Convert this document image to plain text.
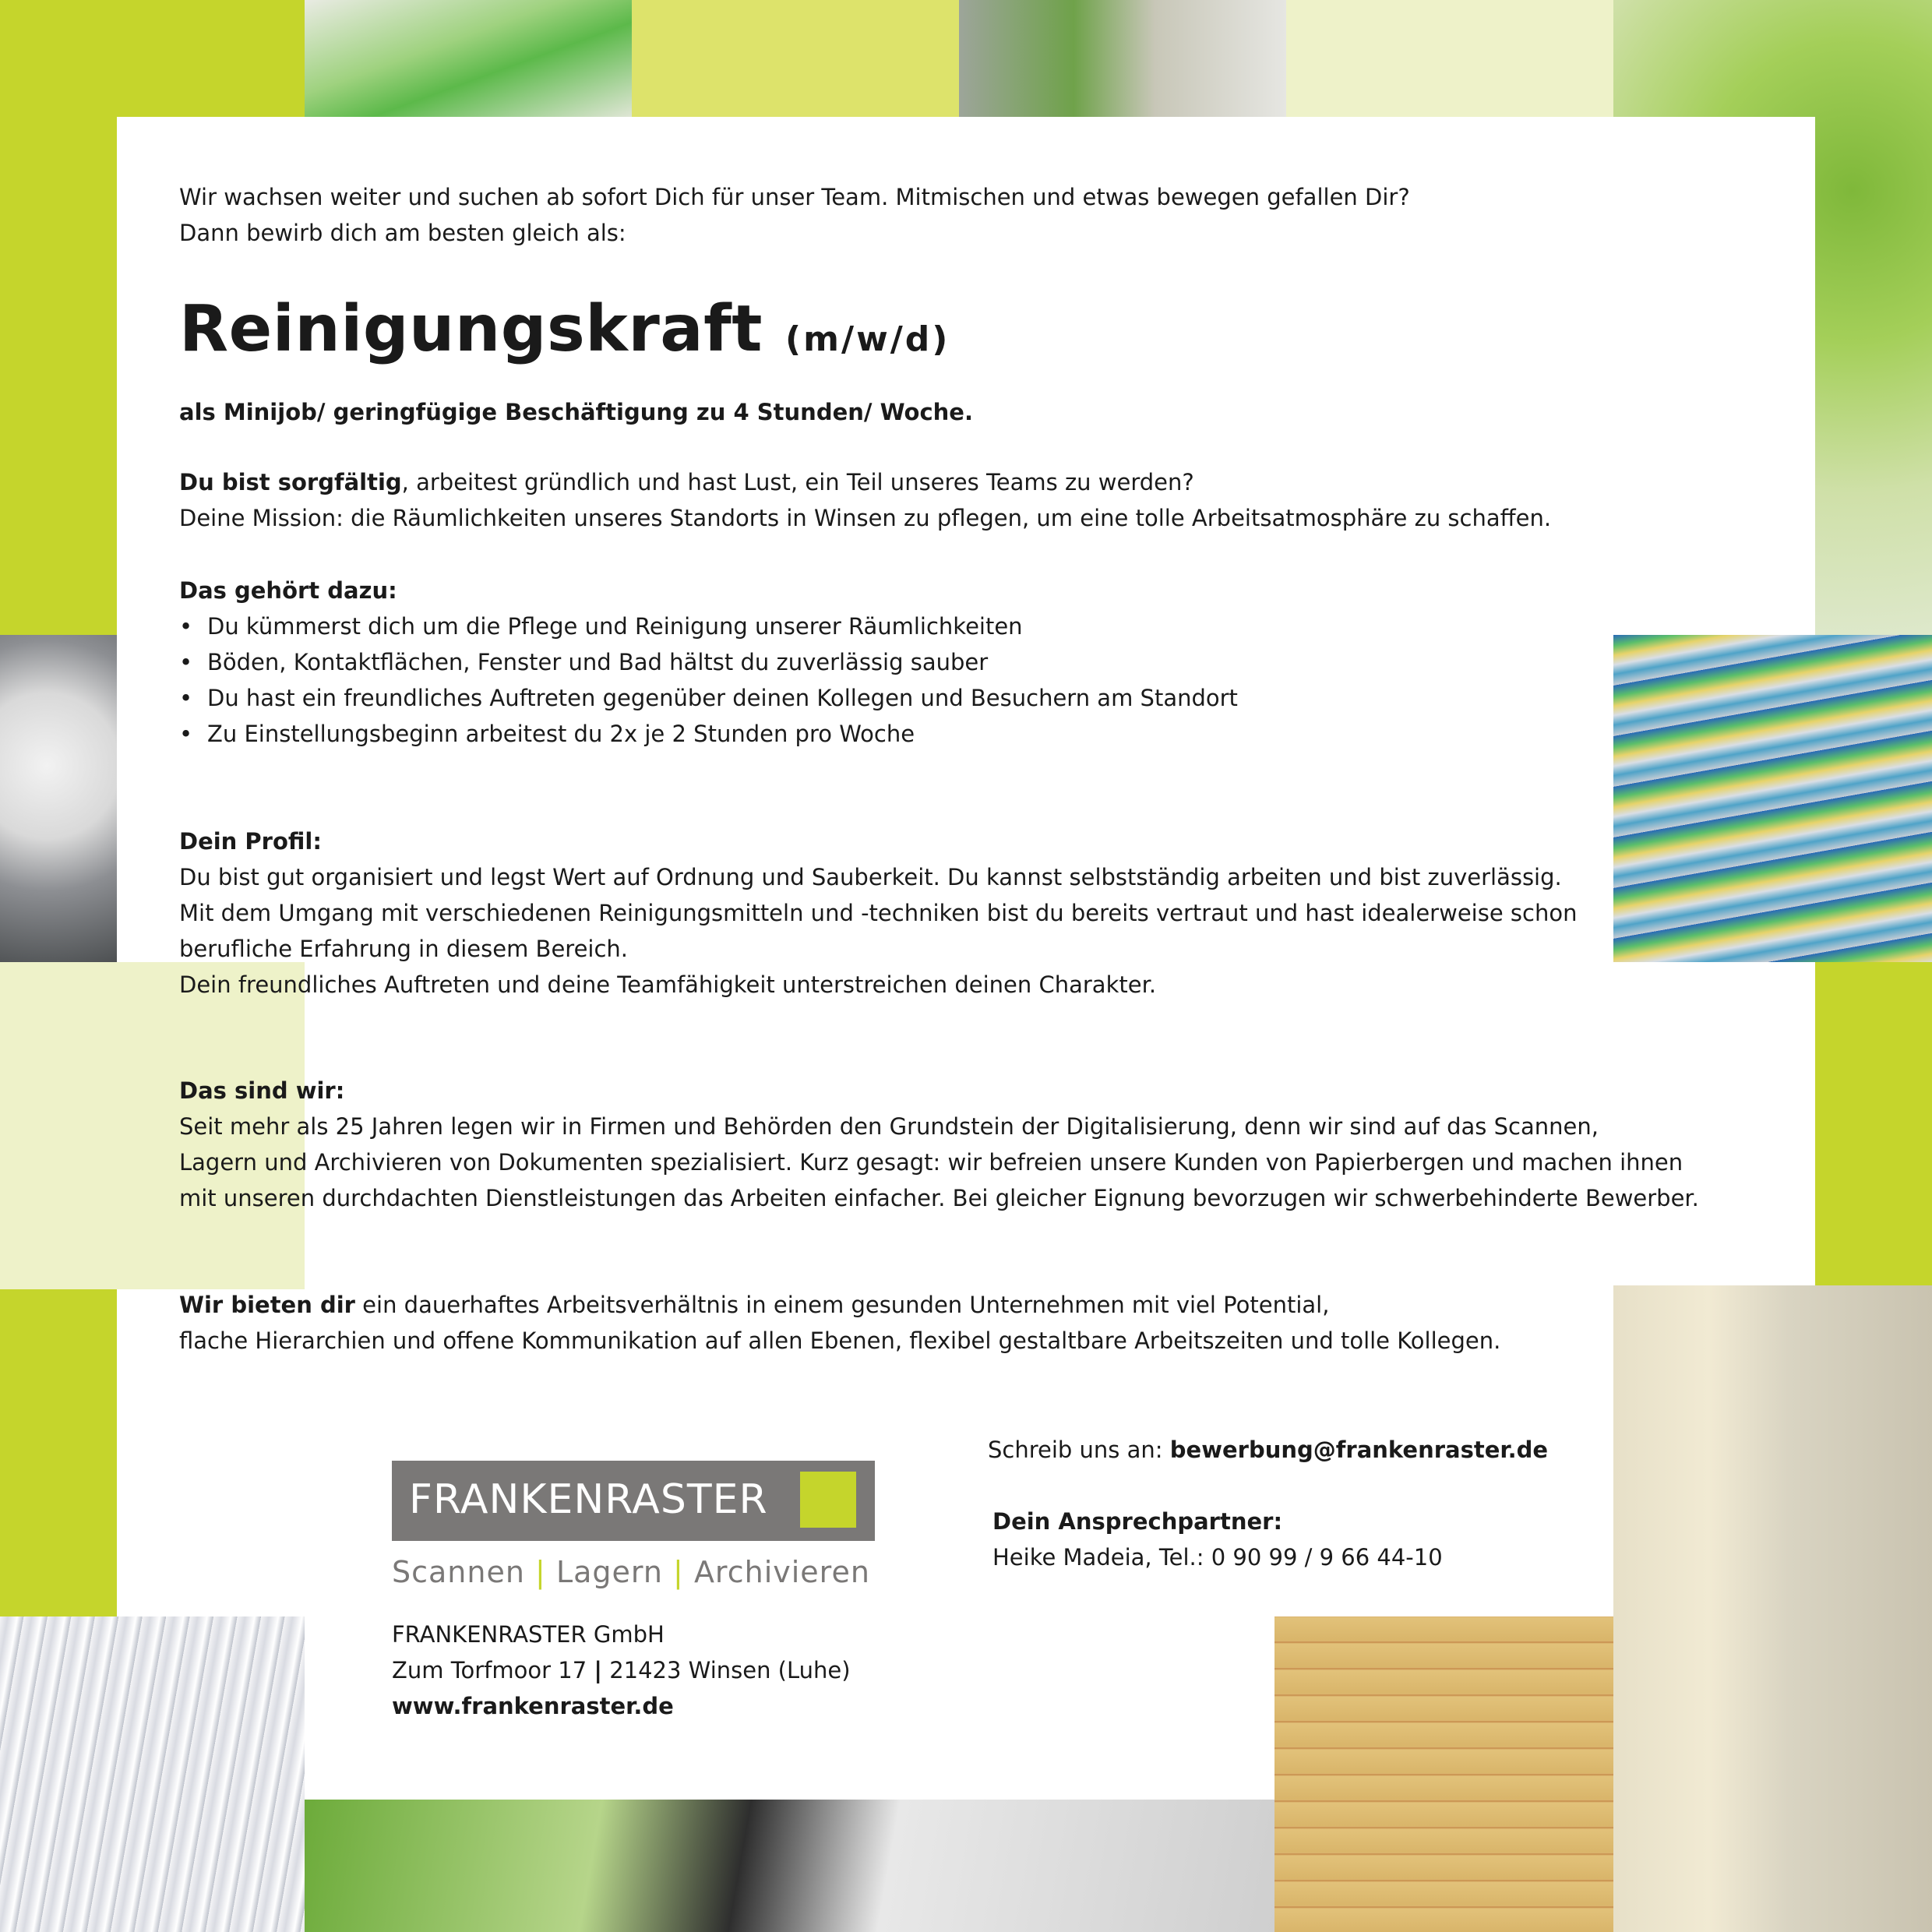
Wir wachsen weiter und suchen ab sofort Dich für unser Team. Mitmischen und etwas bewegen gefallen Dir?
Dann bewirb dich am besten gleich als:
Reinigungskraft (m/w/d)
als Minijob/ geringfügige Beschäftigung zu 4 Stunden/ Woche.
Du bist sorgfältig, arbeitest gründlich und hast Lust, ein Teil unseres Teams zu werden?
Deine Mission: die Räumlichkeiten unseres Standorts in Winsen zu pflegen, um eine tolle Arbeitsatmosphäre zu schaffen.
Das gehört dazu:
• Du kümmerst dich um die Pflege und Reinigung unserer Räumlichkeiten
• Böden, Kontaktflächen, Fenster und Bad hältst du zuverlässig sauber
• Du hast ein freundliches Auftreten gegenüber deinen Kollegen und Besuchern am Standort
• Zu Einstellungsbeginn arbeitest du 2x je 2 Stunden pro Woche
Dein Profil:
Du bist gut organisiert und legst Wert auf Ordnung und Sauberkeit. Du kannst selbstständig arbeiten und bist zuverlässig.
Mit dem Umgang mit verschiedenen Reinigungsmitteln und -techniken bist du bereits vertraut und hast idealerweise schon
berufliche Erfahrung in diesem Bereich.
Dein freundliches Auftreten und deine Teamfähigkeit unterstreichen deinen Charakter.
Das sind wir:
Seit mehr als 25 Jahren legen wir in Firmen und Behörden den Grundstein der Digitalisierung, denn wir sind auf das Scannen,
Lagern und Archivieren von Dokumenten spezialisiert. Kurz gesagt: wir befreien unsere Kunden von Papierbergen und machen ihnen
mit unseren durchdachten Dienstleistungen das Arbeiten einfacher. Bei gleicher Eignung bevorzugen wir schwerbehinderte Bewerber.
Wir bieten dir ein dauerhaftes Arbeitsverhältnis in einem gesunden Unternehmen mit viel Potential,
flache Hierarchien und offene Kommunikation auf allen Ebenen, flexibel gestaltbare Arbeitszeiten und tolle Kollegen.
FRANKENRASTER
Scannen | Lagern | Archivieren
FRANKENRASTER GmbH
Zum Torfmoor 17 | 21423 Winsen (Luhe)
www.frankenraster.de
Schreib uns an: bewerbung@frankenraster.de
Dein Ansprechpartner:
Heike Madeia, Tel.: 0 90 99 / 9 66 44-10
